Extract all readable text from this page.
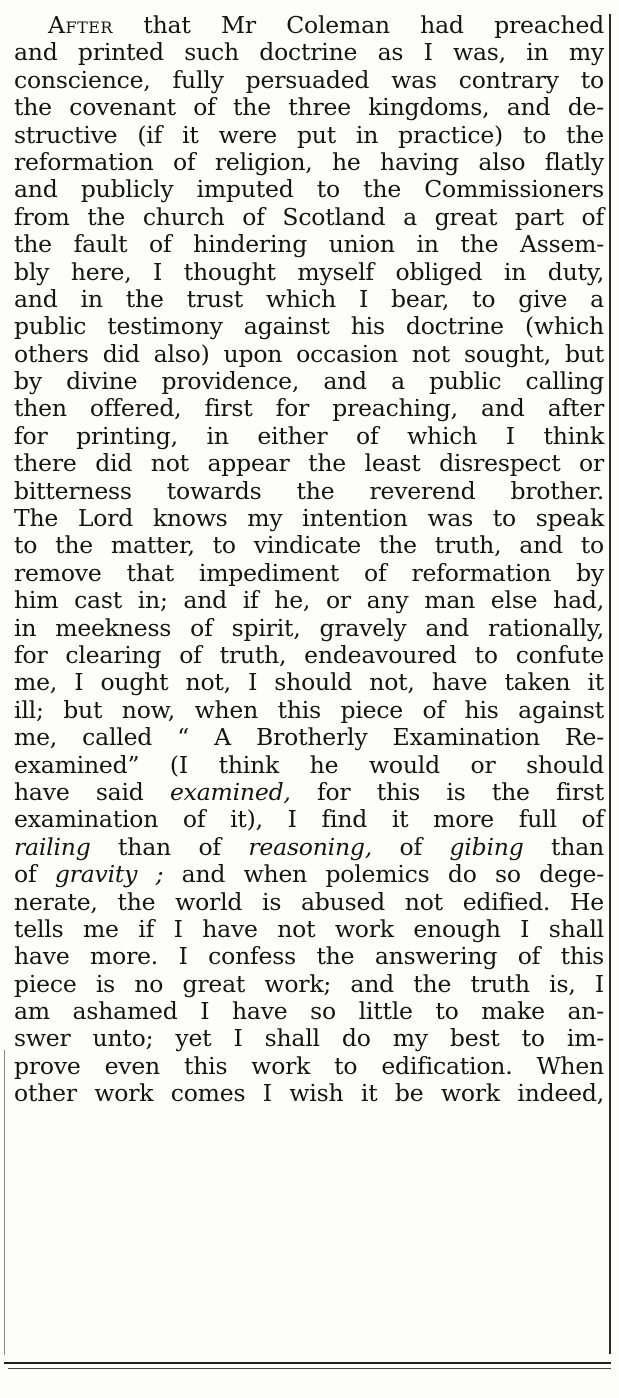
After that Mr Coleman had preached
and printed such doctrine as I was, in my
conscience, fully persuaded was contrary to
the covenant of the three kingdoms, and de-
structive (if it were put in practice) to the
reformation of religion, he having also flatly
and publicly imputed to the Commissioners
from the church of Scotland a great part of
the fault of hindering union in the Assem-
bly here, I thought myself obliged in duty,
and in the trust which I bear, to give a
public testimony against his doctrine (which
others did also) upon occasion not sought, but
by divine providence, and a public calling
then offered, first for preaching, and after
for printing, in either of which I think
there did not appear the least disrespect or
bitterness towards the reverend brother.
The Lord knows my intention was to speak
to the matter, to vindicate the truth, and to
remove that impediment of reformation by
him cast in; and if he, or any man else had,
in meekness of spirit, gravely and rationally,
for clearing of truth, endeavoured to confute
me, I ought not, I should not, have taken it
ill; but now, when this piece of his against
me, called “ A Brotherly Examination Re-
examined” (I think he would or should
have said examined, for this is the first
examination of it), I find it more full of
railing than of reasoning, of gibing than
of gravity ; and when polemics do so dege-
nerate, the world is abused not edified. He
tells me if I have not work enough I shall
have more. I confess the answering of this
piece is no great work; and the truth is, I
am ashamed I have so little to make an-
swer unto; yet I shall do my best to im-
prove even this work to edification. When
other work comes I wish it be work indeed,
